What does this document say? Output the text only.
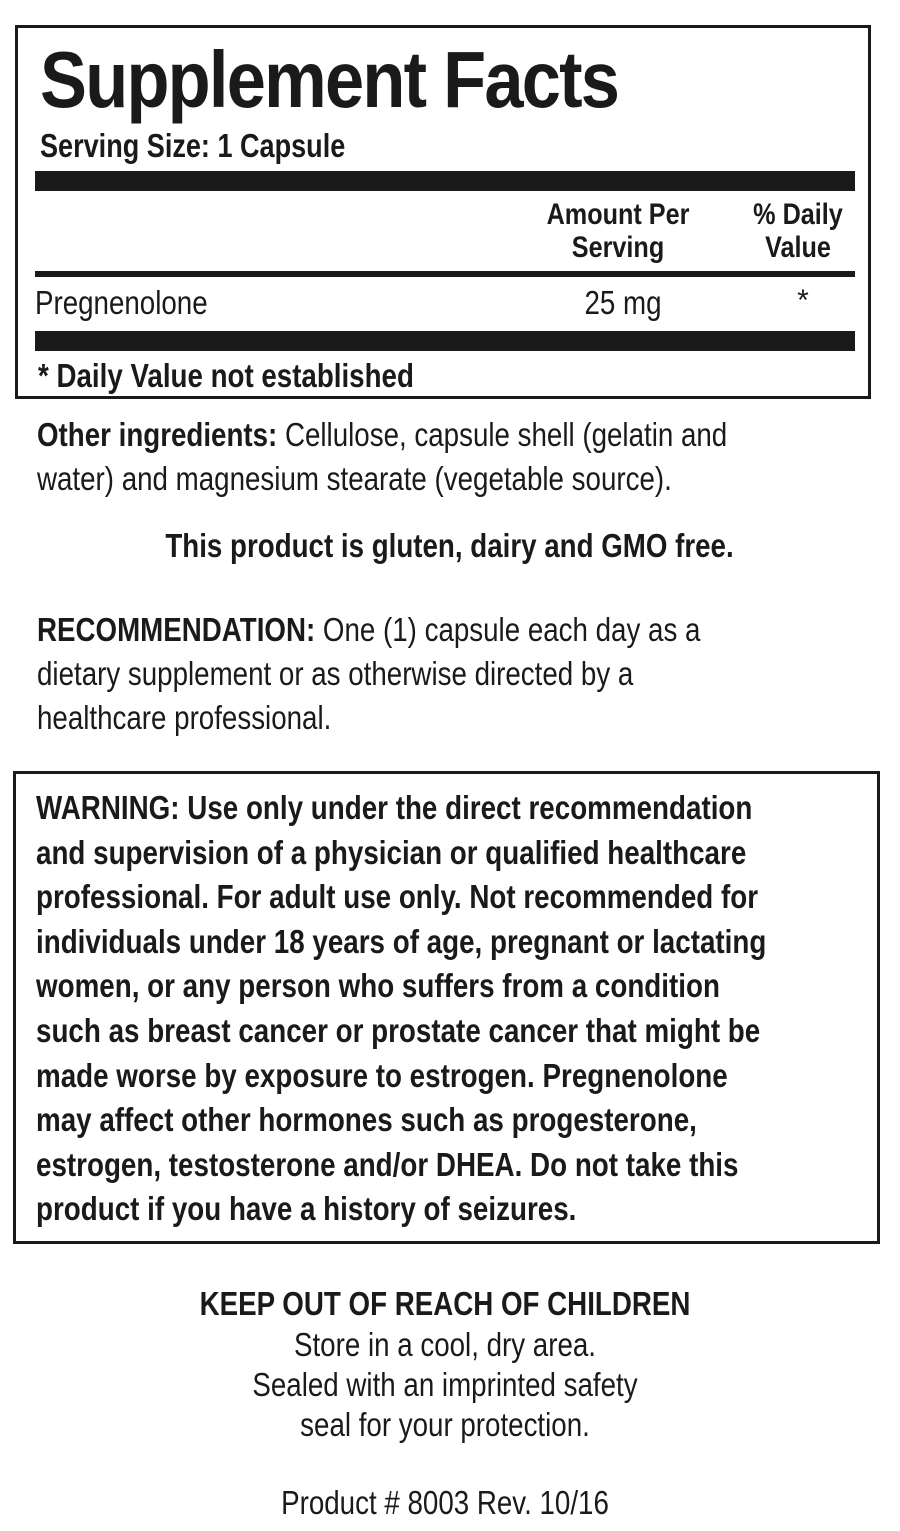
Supplement Facts
Serving Size: 1 Capsule
Amount Per
Serving
% Daily
Value
Pregnenolone	25 mg	*
* Daily Value not established
Other ingredients: Cellulose, capsule shell (gelatin and
water) and magnesium stearate (vegetable source).
This product is gluten, dairy and GMO free.
RECOMMENDATION: One (1) capsule each day as a
dietary supplement or as otherwise directed by a
healthcare professional.
WARNING: Use only under the direct recommendation
and supervision of a physician or qualified healthcare
professional. For adult use only. Not recommended for
individuals under 18 years of age, pregnant or lactating
women, or any person who suffers from a condition
such as breast cancer or prostate cancer that might be
made worse by exposure to estrogen. Pregnenolone
may affect other hormones such as progesterone,
estrogen, testosterone and/or DHEA. Do not take this
product if you have a history of seizures.
KEEP OUT OF REACH OF CHILDREN
Store in a cool, dry area.
Sealed with an imprinted safety
seal for your protection.
Product # 8003 Rev. 10/16
